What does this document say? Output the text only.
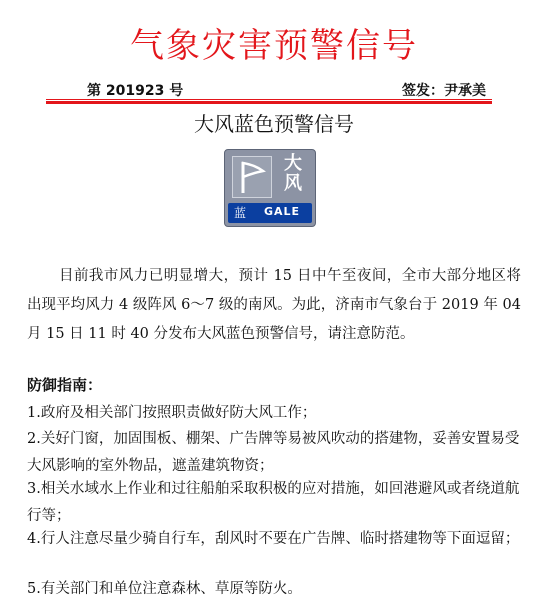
气象灾害预警信号
第 201923 号	签发：尹承美
大风蓝色预警信号
大
风
蓝 GALE
目前我市风力已明显增大，预计 15 日中午至夜间，全市大部分地区将出现平均风力 4 级阵风 6～7 级的南风。为此，济南市气象台于 2019 年 04 月 15 日 11 时 40 分发布大风蓝色预警信号，请注意防范。
防御指南：
1.政府及相关部门按照职责做好防大风工作；
2.关好门窗，加固围板、棚架、广告牌等易被风吹动的搭建物，妥善安置易受大风影响的室外物品，遮盖建筑物资；
3.相关水域水上作业和过往船舶采取积极的应对措施，如回港避风或者绕道航行等；
4.行人注意尽量少骑自行车，刮风时不要在广告牌、临时搭建物等下面逗留；
5.有关部门和单位注意森林、草原等防火。
